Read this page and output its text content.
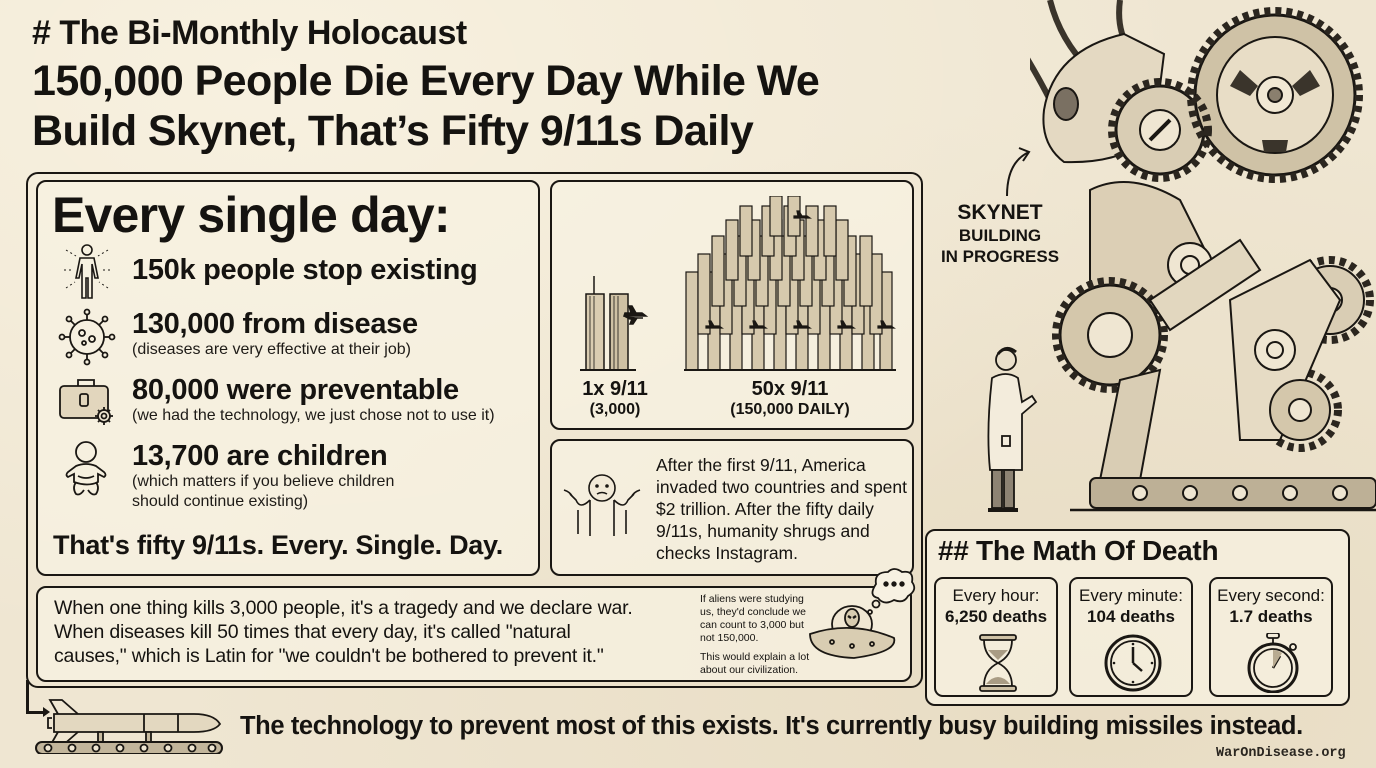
# The Bi-Monthly Holocaust
150,000 People Die Every Day While We
Build Skynet, That’s Fifty 9/11s Daily
Every single day:
150k people stop existing
130,000 from disease
(diseases are very effective at their job)
80,000 were preventable
(we had the technology, we just chose not to use it)
13,700 are children
(which matters if you believe children
should continue existing)
That's fifty 9/11s. Every. Single. Day.
1x 9/11
(3,000)
50x 9/11
(150,000 DAILY)
After the first 9/11, America invaded two countries and spent $2 trillion. After the fifty daily 9/11s, humanity shrugs and checks Instagram.
When one thing kills 3,000 people, it's a tragedy and we declare war.
When diseases kill 50 times that every day, it's called "natural
causes," which is Latin for "we couldn't be bothered to prevent it."

If aliens were studying us, they'd conclude we can count to 3,000 but not 150,000.

This would explain a lot about our civilization.

SKYNET
BUILDING
IN PROGRESS
## The Math Of Death
Every hour:
6,250 deaths
Every minute:
104 deaths
Every second:
1.7 deaths
The technology to prevent most of this exists. It's currently busy building missiles instead.
WarOnDisease.org
